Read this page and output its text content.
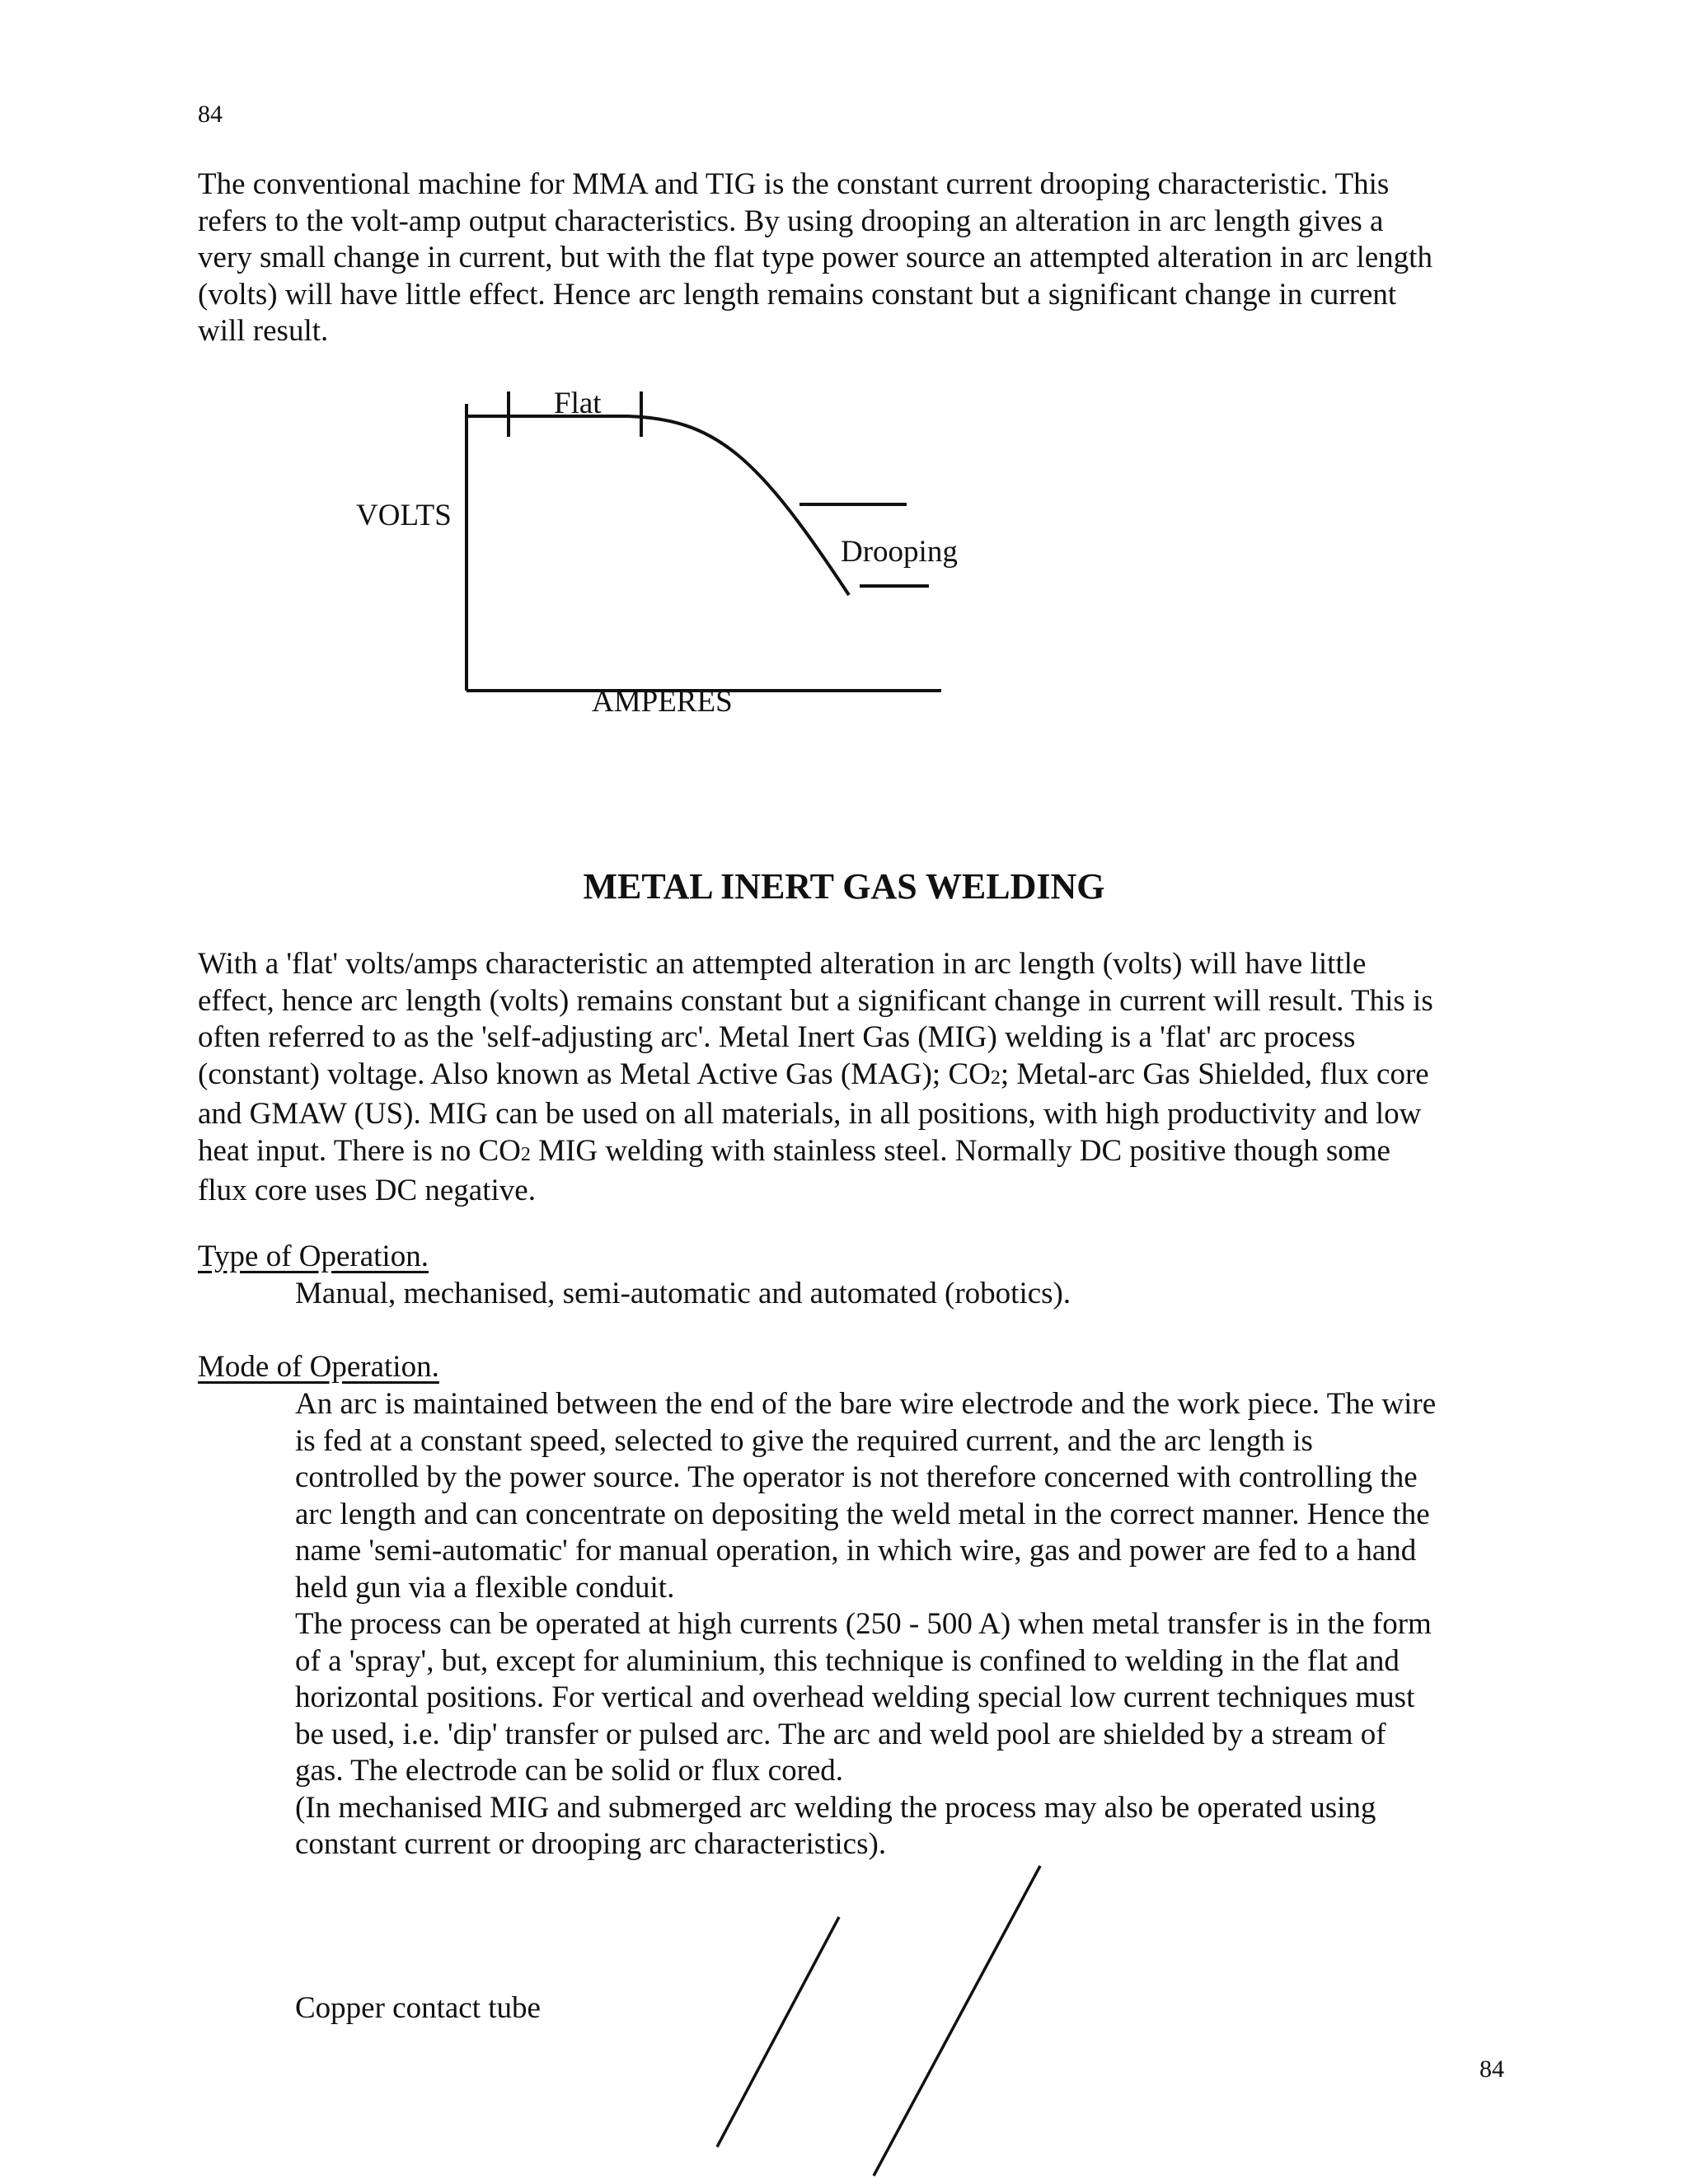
84
The conventional machine for MMA and TIG is the constant current drooping characteristic. This
refers to the volt-amp output characteristics. By using drooping an alteration in arc length gives a
very small change in current, but with the flat type power source an attempted alteration in arc length
(volts) will have little effect. Hence arc length remains constant but a significant change in current
will result.
Flat
VOLTS
Drooping
AMPERES
METAL INERT GAS WELDING
With a 'flat' volts/amps characteristic an attempted alteration in arc length (volts) will have little
effect, hence arc length (volts) remains constant but a significant change in current will result. This is
often referred to as the 'self-adjusting arc'. Metal Inert Gas (MIG) welding is a 'flat' arc process
(constant) voltage. Also known as Metal Active Gas (MAG); CO2; Metal-arc Gas Shielded, flux core
and GMAW (US). MIG can be used on all materials, in all positions, with high productivity and low
heat input. There is no CO2 MIG welding with stainless steel. Normally DC positive though some
flux core uses DC negative.
Type of Operation.
Manual, mechanised, semi-automatic and automated (robotics).
Mode of Operation.
An arc is maintained between the end of the bare wire electrode and the work piece. The wire
is fed at a constant speed, selected to give the required current, and the arc length is
controlled by the power source. The operator is not therefore concerned with controlling the
arc length and can concentrate on depositing the weld metal in the correct manner. Hence the
name 'semi-automatic' for manual operation, in which wire, gas and power are fed to a hand
held gun via a flexible conduit.
The process can be operated at high currents (250 - 500 A) when metal transfer is in the form
of a 'spray', but, except for aluminium, this technique is confined to welding in the flat and
horizontal positions. For vertical and overhead welding special low current techniques must
be used, i.e. 'dip' transfer or pulsed arc. The arc and weld pool are shielded by a stream of
gas. The electrode can be solid or flux cored.
(In mechanised MIG and submerged arc welding the process may also be operated using
constant current or drooping arc characteristics).
Copper contact tube
84
